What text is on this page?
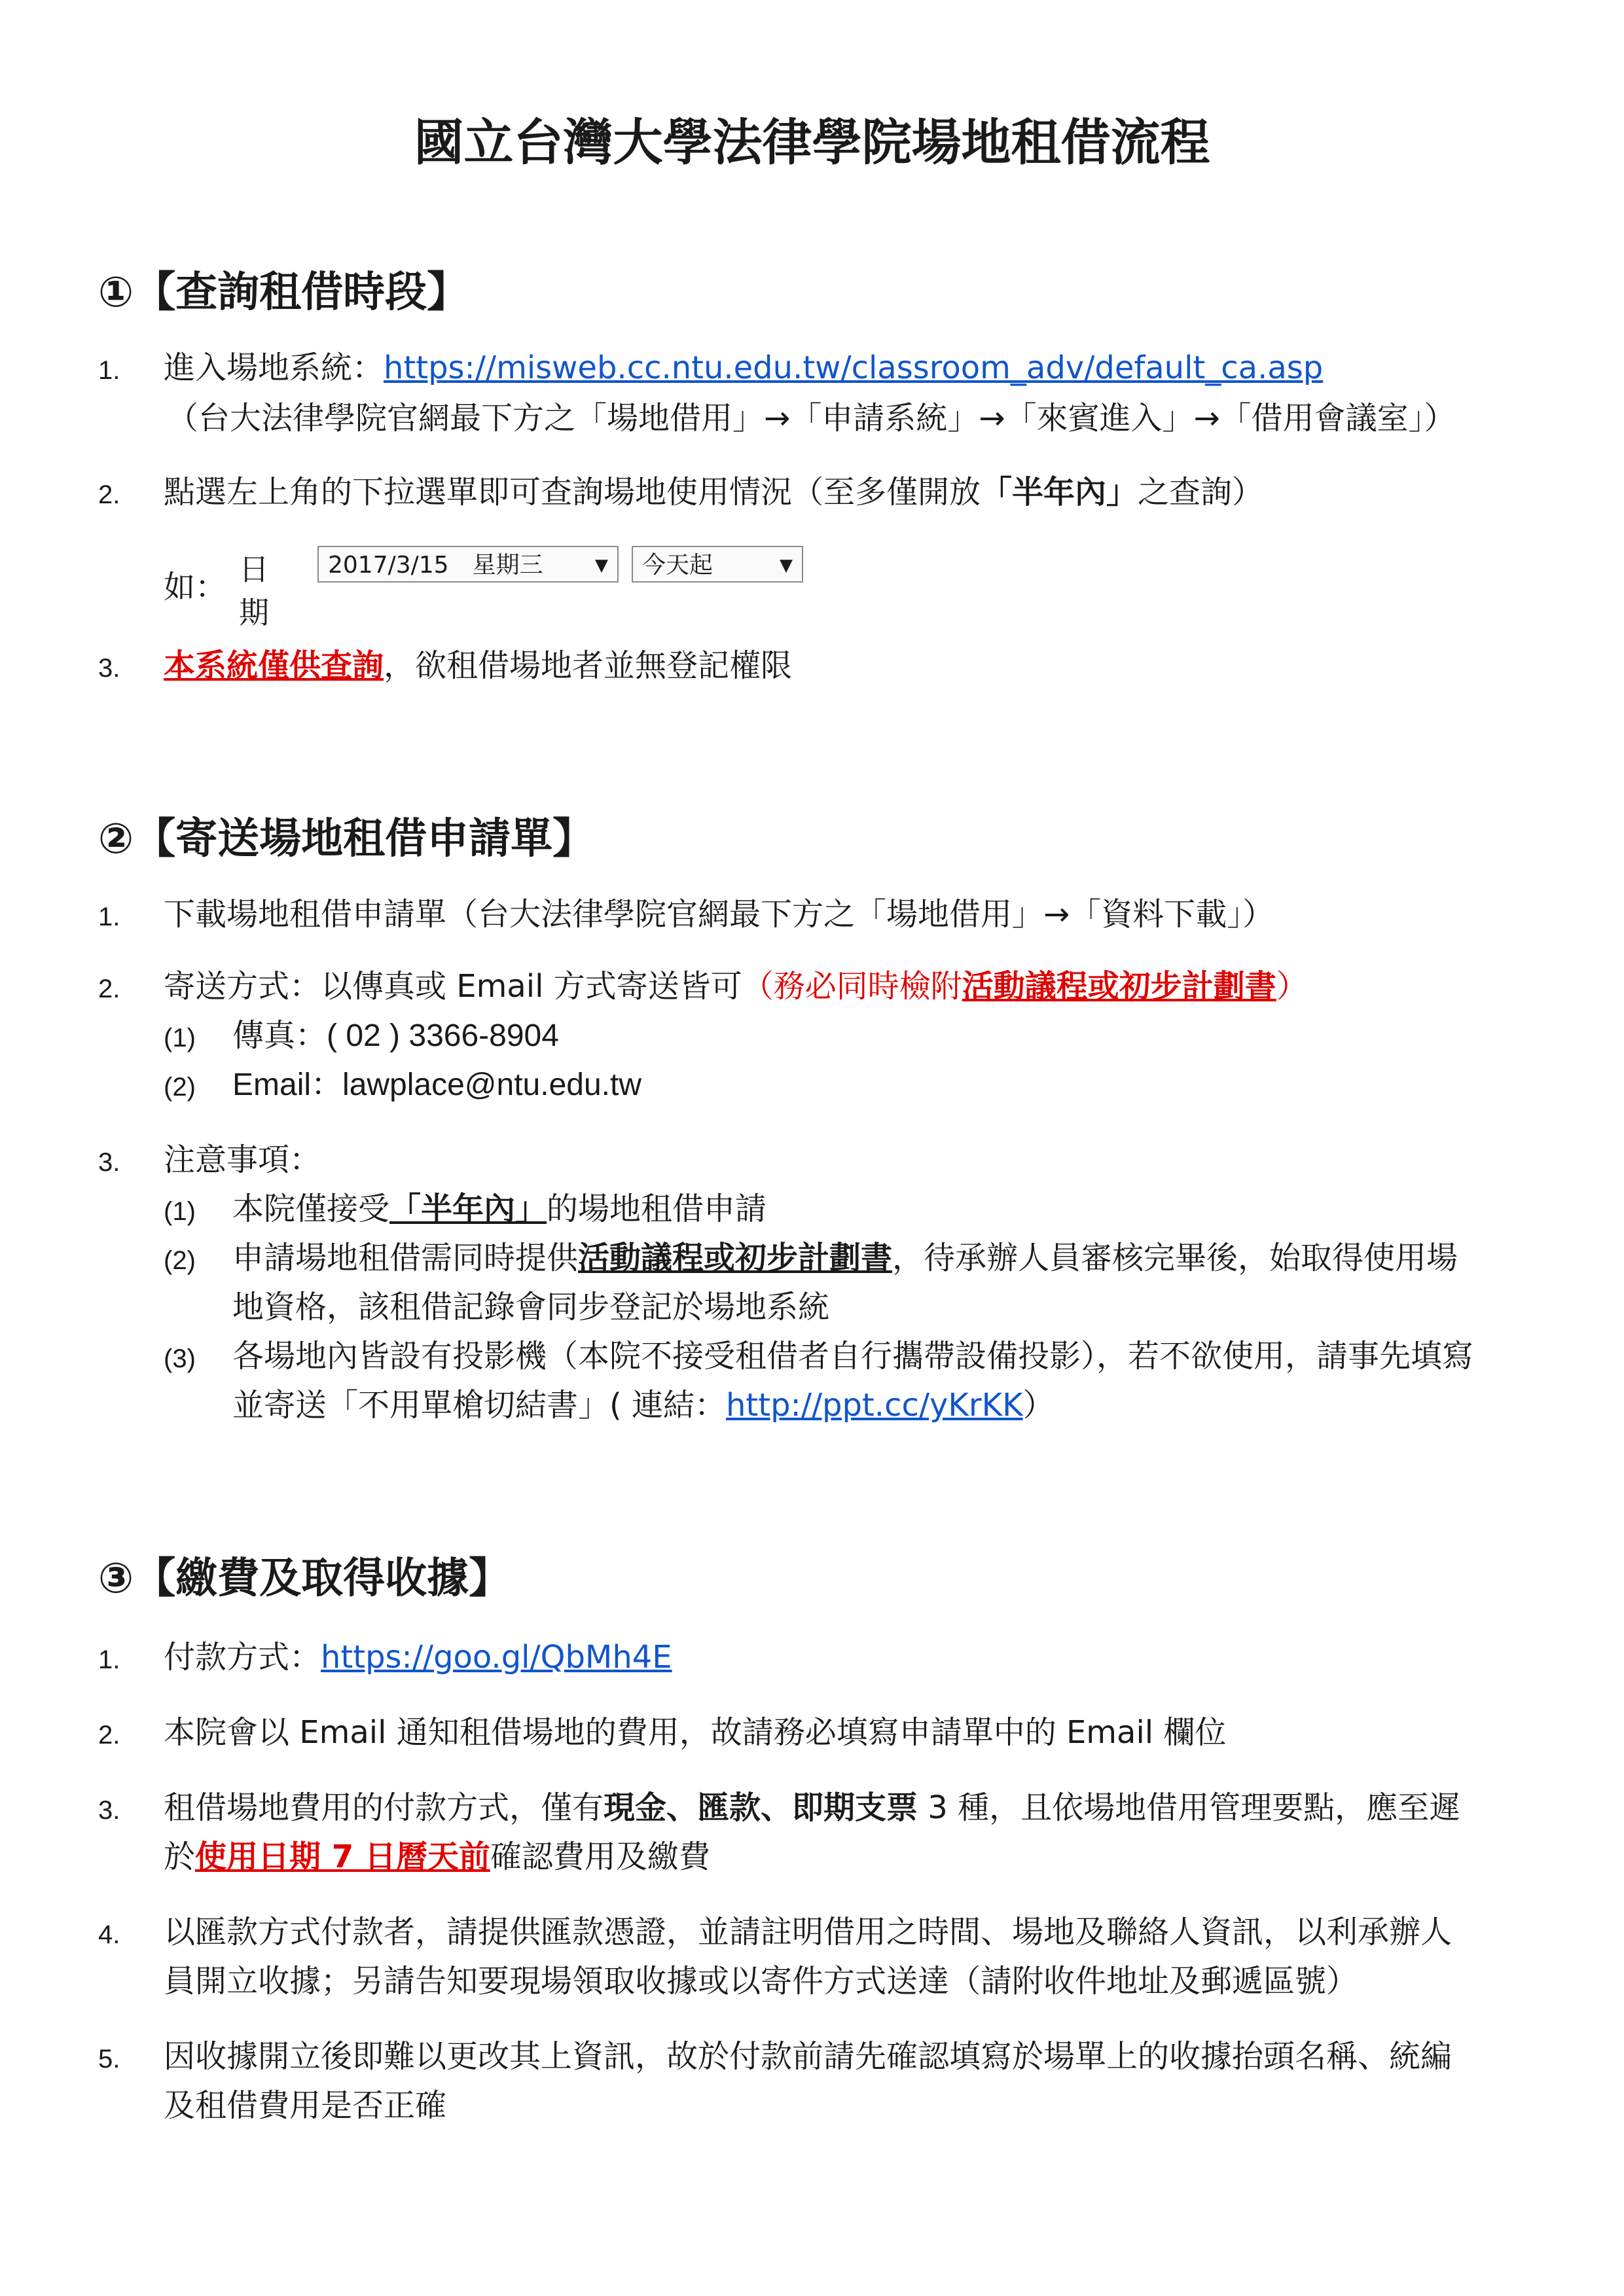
國立台灣大學法律學院場地租借流程
①【查詢租借時段】
1. 進入場地系統：https://misweb.cc.ntu.edu.tw/classroom_adv/default_ca.asp
（台大法律學院官網最下方之「場地借用」→「申請系統」→「來賓進入」→「借用會議室」）
2. 點選左上角的下拉選單即可查詢場地使用情況（至多僅開放「半年內」之查詢）
如： 日期
2017/3/15　星期三	▼	今天起	▼
3. 本系統僅供查詢，欲租借場地者並無登記權限
②【寄送場地租借申請單】
1. 下載場地租借申請單（台大法律學院官網最下方之「場地借用」→「資料下載」）
2. 寄送方式：以傳真或 Email 方式寄送皆可（務必同時檢附活動議程或初步計劃書）
(1) 傳真：( 02 ) 3366-8904
(2) Email：lawplace@ntu.edu.tw
3. 注意事項：
(1) 本院僅接受「半年內」的場地租借申請
(2) 申請場地租借需同時提供活動議程或初步計劃書，待承辦人員審核完畢後，始取得使用場
地資格，該租借記錄會同步登記於場地系統
(3) 各場地內皆設有投影機（本院不接受租借者自行攜帶設備投影），若不欲使用，請事先填寫
並寄送「不用單槍切結書」( 連結：http://ppt.cc/yKrKK）
③【繳費及取得收據】
1. 付款方式：https://goo.gl/QbMh4E
2. 本院會以 Email 通知租借場地的費用，故請務必填寫申請單中的 Email 欄位
3. 租借場地費用的付款方式，僅有現金、匯款、即期支票 3 種，且依場地借用管理要點，應至遲
於使用日期 7 日曆天前確認費用及繳費
4. 以匯款方式付款者，請提供匯款憑證，並請註明借用之時間、場地及聯絡人資訊，以利承辦人
員開立收據；另請告知要現場領取收據或以寄件方式送達（請附收件地址及郵遞區號）
5. 因收據開立後即難以更改其上資訊，故於付款前請先確認填寫於場單上的收據抬頭名稱、統編
及租借費用是否正確
